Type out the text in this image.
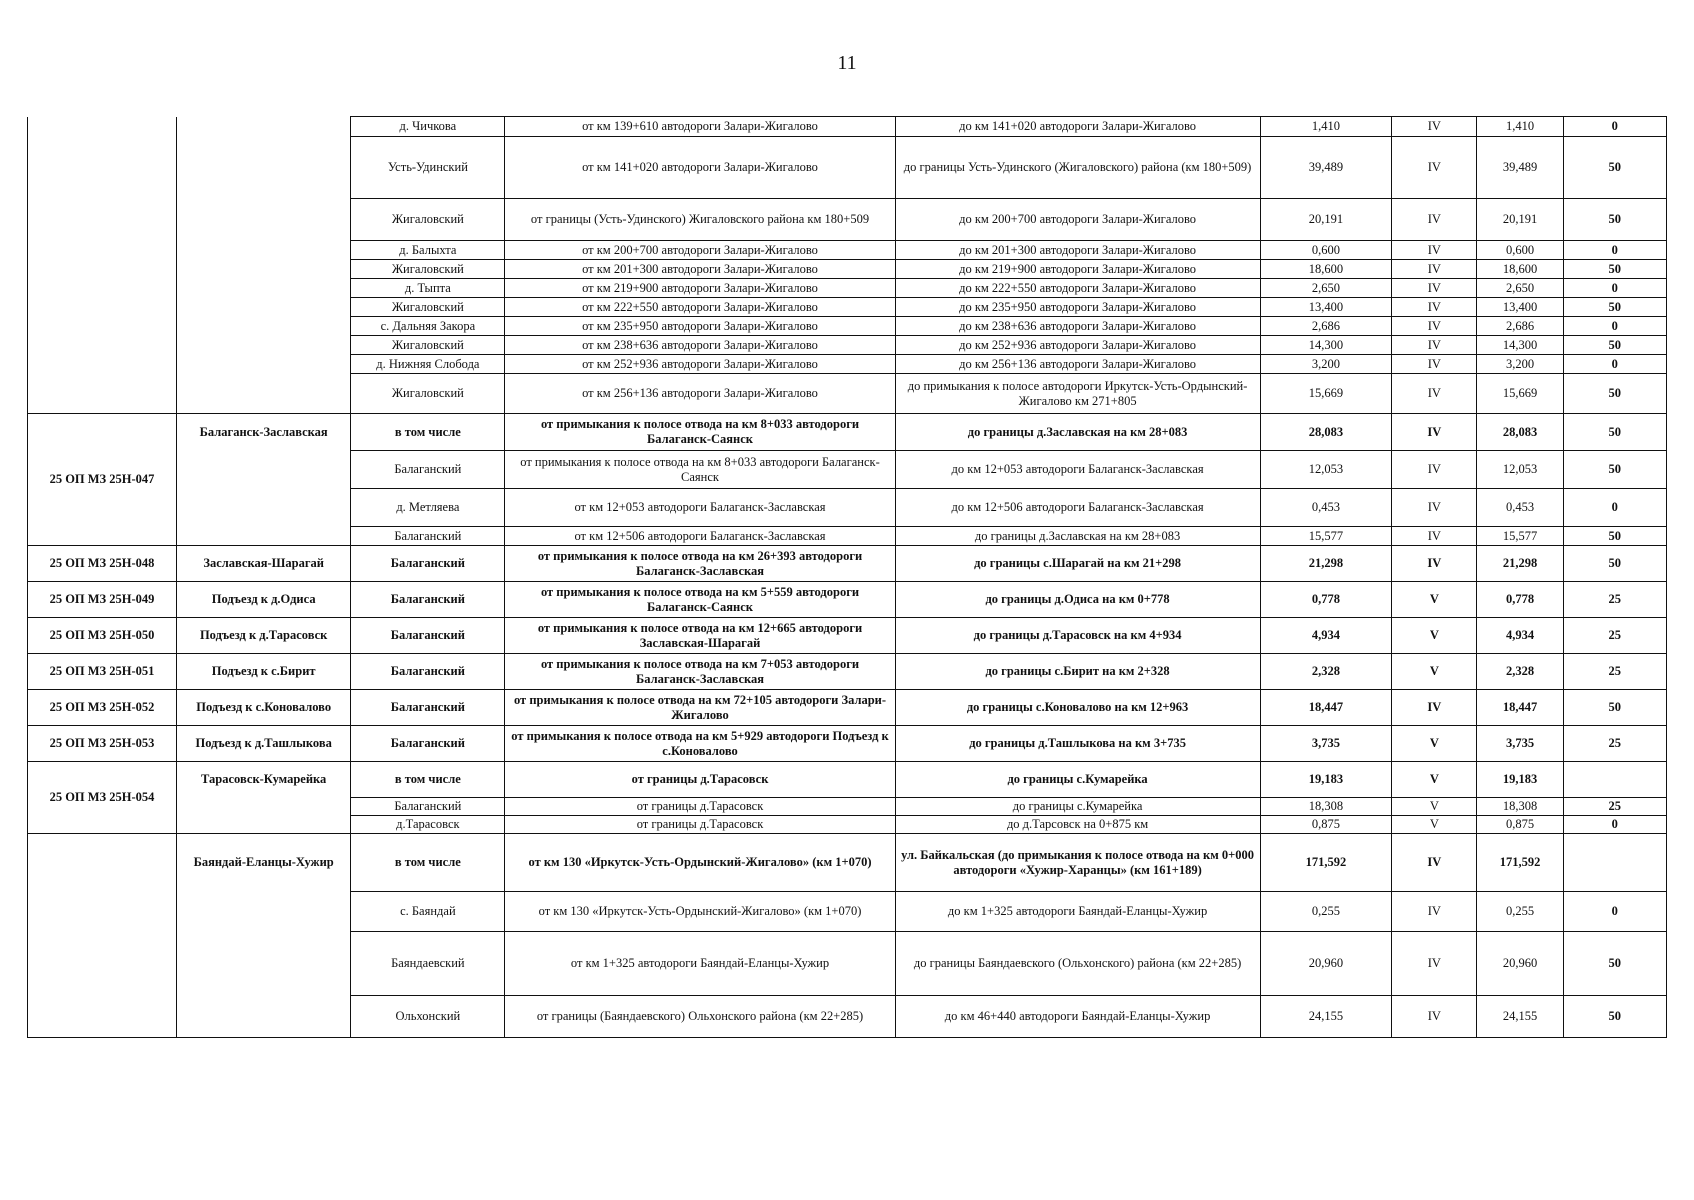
11
		д. Чичкова	от км 139+610 автодороги Залари-Жигалово	до км 141+020 автодороги Залари-Жигалово	1,410	IV	1,410	0
		Усть-Удинский	от км 141+020 автодороги Залари-Жигалово	до границы Усть-Удинского (Жигаловского) района (км 180+509)	39,489	IV	39,489	50
		Жигаловский	от границы (Усть-Удинского) Жигаловского района км 180+509	до км 200+700 автодороги Залари-Жигалово	20,191	IV	20,191	50
		д. Балыхта	от км 200+700 автодороги Залари-Жигалово	до км 201+300 автодороги Залари-Жигалово	0,600	IV	0,600	0
		Жигаловский	от км 201+300 автодороги Залари-Жигалово	до км 219+900 автодороги Залари-Жигалово	18,600	IV	18,600	50
		д. Тыпта	от км 219+900 автодороги Залари-Жигалово	до км 222+550 автодороги Залари-Жигалово	2,650	IV	2,650	0
		Жигаловский	от км 222+550 автодороги Залари-Жигалово	до км 235+950 автодороги Залари-Жигалово	13,400	IV	13,400	50
		с. Дальняя Закора	от км 235+950 автодороги Залари-Жигалово	до км 238+636 автодороги Залари-Жигалово	2,686	IV	2,686	0
		Жигаловский	от км 238+636 автодороги Залари-Жигалово	до км 252+936 автодороги Залари-Жигалово	14,300	IV	14,300	50
		д. Нижняя Слобода	от км 252+936 автодороги Залари-Жигалово	до км 256+136 автодороги Залари-Жигалово	3,200	IV	3,200	0
		Жигаловский	от км 256+136 автодороги Залари-Жигалово	до примыкания к полосе автодороги Иркутск-Усть-Ордынский-Жигалово км 271+805	15,669	IV	15,669	50
25 ОП МЗ 25Н-047	Балаганск-Заславская	в том числе	от примыкания к полосе отвода на км 8+033 автодороги Балаганск-Саянск	до границы д.Заславская на км 28+083	28,083	IV	28,083	50
		Балаганский	от примыкания к полосе отвода на км 8+033 автодороги Балаганск-Саянск	до км 12+053 автодороги Балаганск-Заславская	12,053	IV	12,053	50
		д. Метляева	от км 12+053 автодороги Балаганск-Заславская	до км 12+506 автодороги Балаганск-Заславская	0,453	IV	0,453	0
		Балаганский	от км 12+506 автодороги Балаганск-Заславская	до границы д.Заславская на км 28+083	15,577	IV	15,577	50
25 ОП МЗ 25Н-048	Заславская-Шарагай	Балаганский	от примыкания к полосе отвода на км 26+393 автодороги Балаганск-Заславская	до границы с.Шарагай на км 21+298	21,298	IV	21,298	50
25 ОП МЗ 25Н-049	Подъезд к д.Одиса	Балаганский	от примыкания к полосе отвода на км 5+559 автодороги Балаганск-Саянск	до границы д.Одиса на км 0+778	0,778	V	0,778	25
25 ОП МЗ 25Н-050	Подъезд к д.Тарасовск	Балаганский	от примыкания к полосе отвода на км 12+665 автодороги Заславская-Шарагай	до границы д.Тарасовск на км 4+934	4,934	V	4,934	25
25 ОП МЗ 25Н-051	Подъезд к с.Бирит	Балаганский	от примыкания к полосе отвода на км 7+053 автодороги Балаганск-Заславская	до границы с.Бирит на км 2+328	2,328	V	2,328	25
25 ОП МЗ 25Н-052	Подъезд к с.Коновалово	Балаганский	от примыкания к полосе отвода на км 72+105 автодороги Залари-Жигалово	до границы с.Коновалово на км 12+963	18,447	IV	18,447	50
25 ОП МЗ 25Н-053	Подъезд к д.Ташлыкова	Балаганский	от примыкания к полосе отвода на км 5+929 автодороги Подъезд к с.Коновалово	до границы д.Ташлыкова на км 3+735	3,735	V	3,735	25
25 ОП МЗ 25Н-054	Тарасовск-Кумарейка	в том числе	от границы д.Тарасовск	до границы с.Кумарейка	19,183	V	19,183	
		Балаганский	от границы д.Тарасовск	до границы с.Кумарейка	18,308	V	18,308	25
		д.Тарасовск	от границы д.Тарасовск	до д.Тарсовск на 0+875 км	0,875	V	0,875	0
	Баяндай-Еланцы-Хужир	в том числе	от км 130 «Иркутск-Усть-Ордынский-Жигалово» (км 1+070)	ул. Байкальская (до примыкания к полосе отвода на км 0+000 автодороги «Хужир-Харанцы» (км 161+189)	171,592	IV	171,592	
		с. Баяндай	от км 130 «Иркутск-Усть-Ордынский-Жигалово» (км 1+070)	до км 1+325 автодороги Баяндай-Еланцы-Хужир	0,255	IV	0,255	0
		Баяндаевский	от км 1+325 автодороги Баяндай-Еланцы-Хужир	до границы Баяндаевского (Ольхонского) района (км 22+285)	20,960	IV	20,960	50
		Ольхонский	от границы (Баяндаевского) Ольхонского района (км 22+285)	до км 46+440 автодороги Баяндай-Еланцы-Хужир	24,155	IV	24,155	50
